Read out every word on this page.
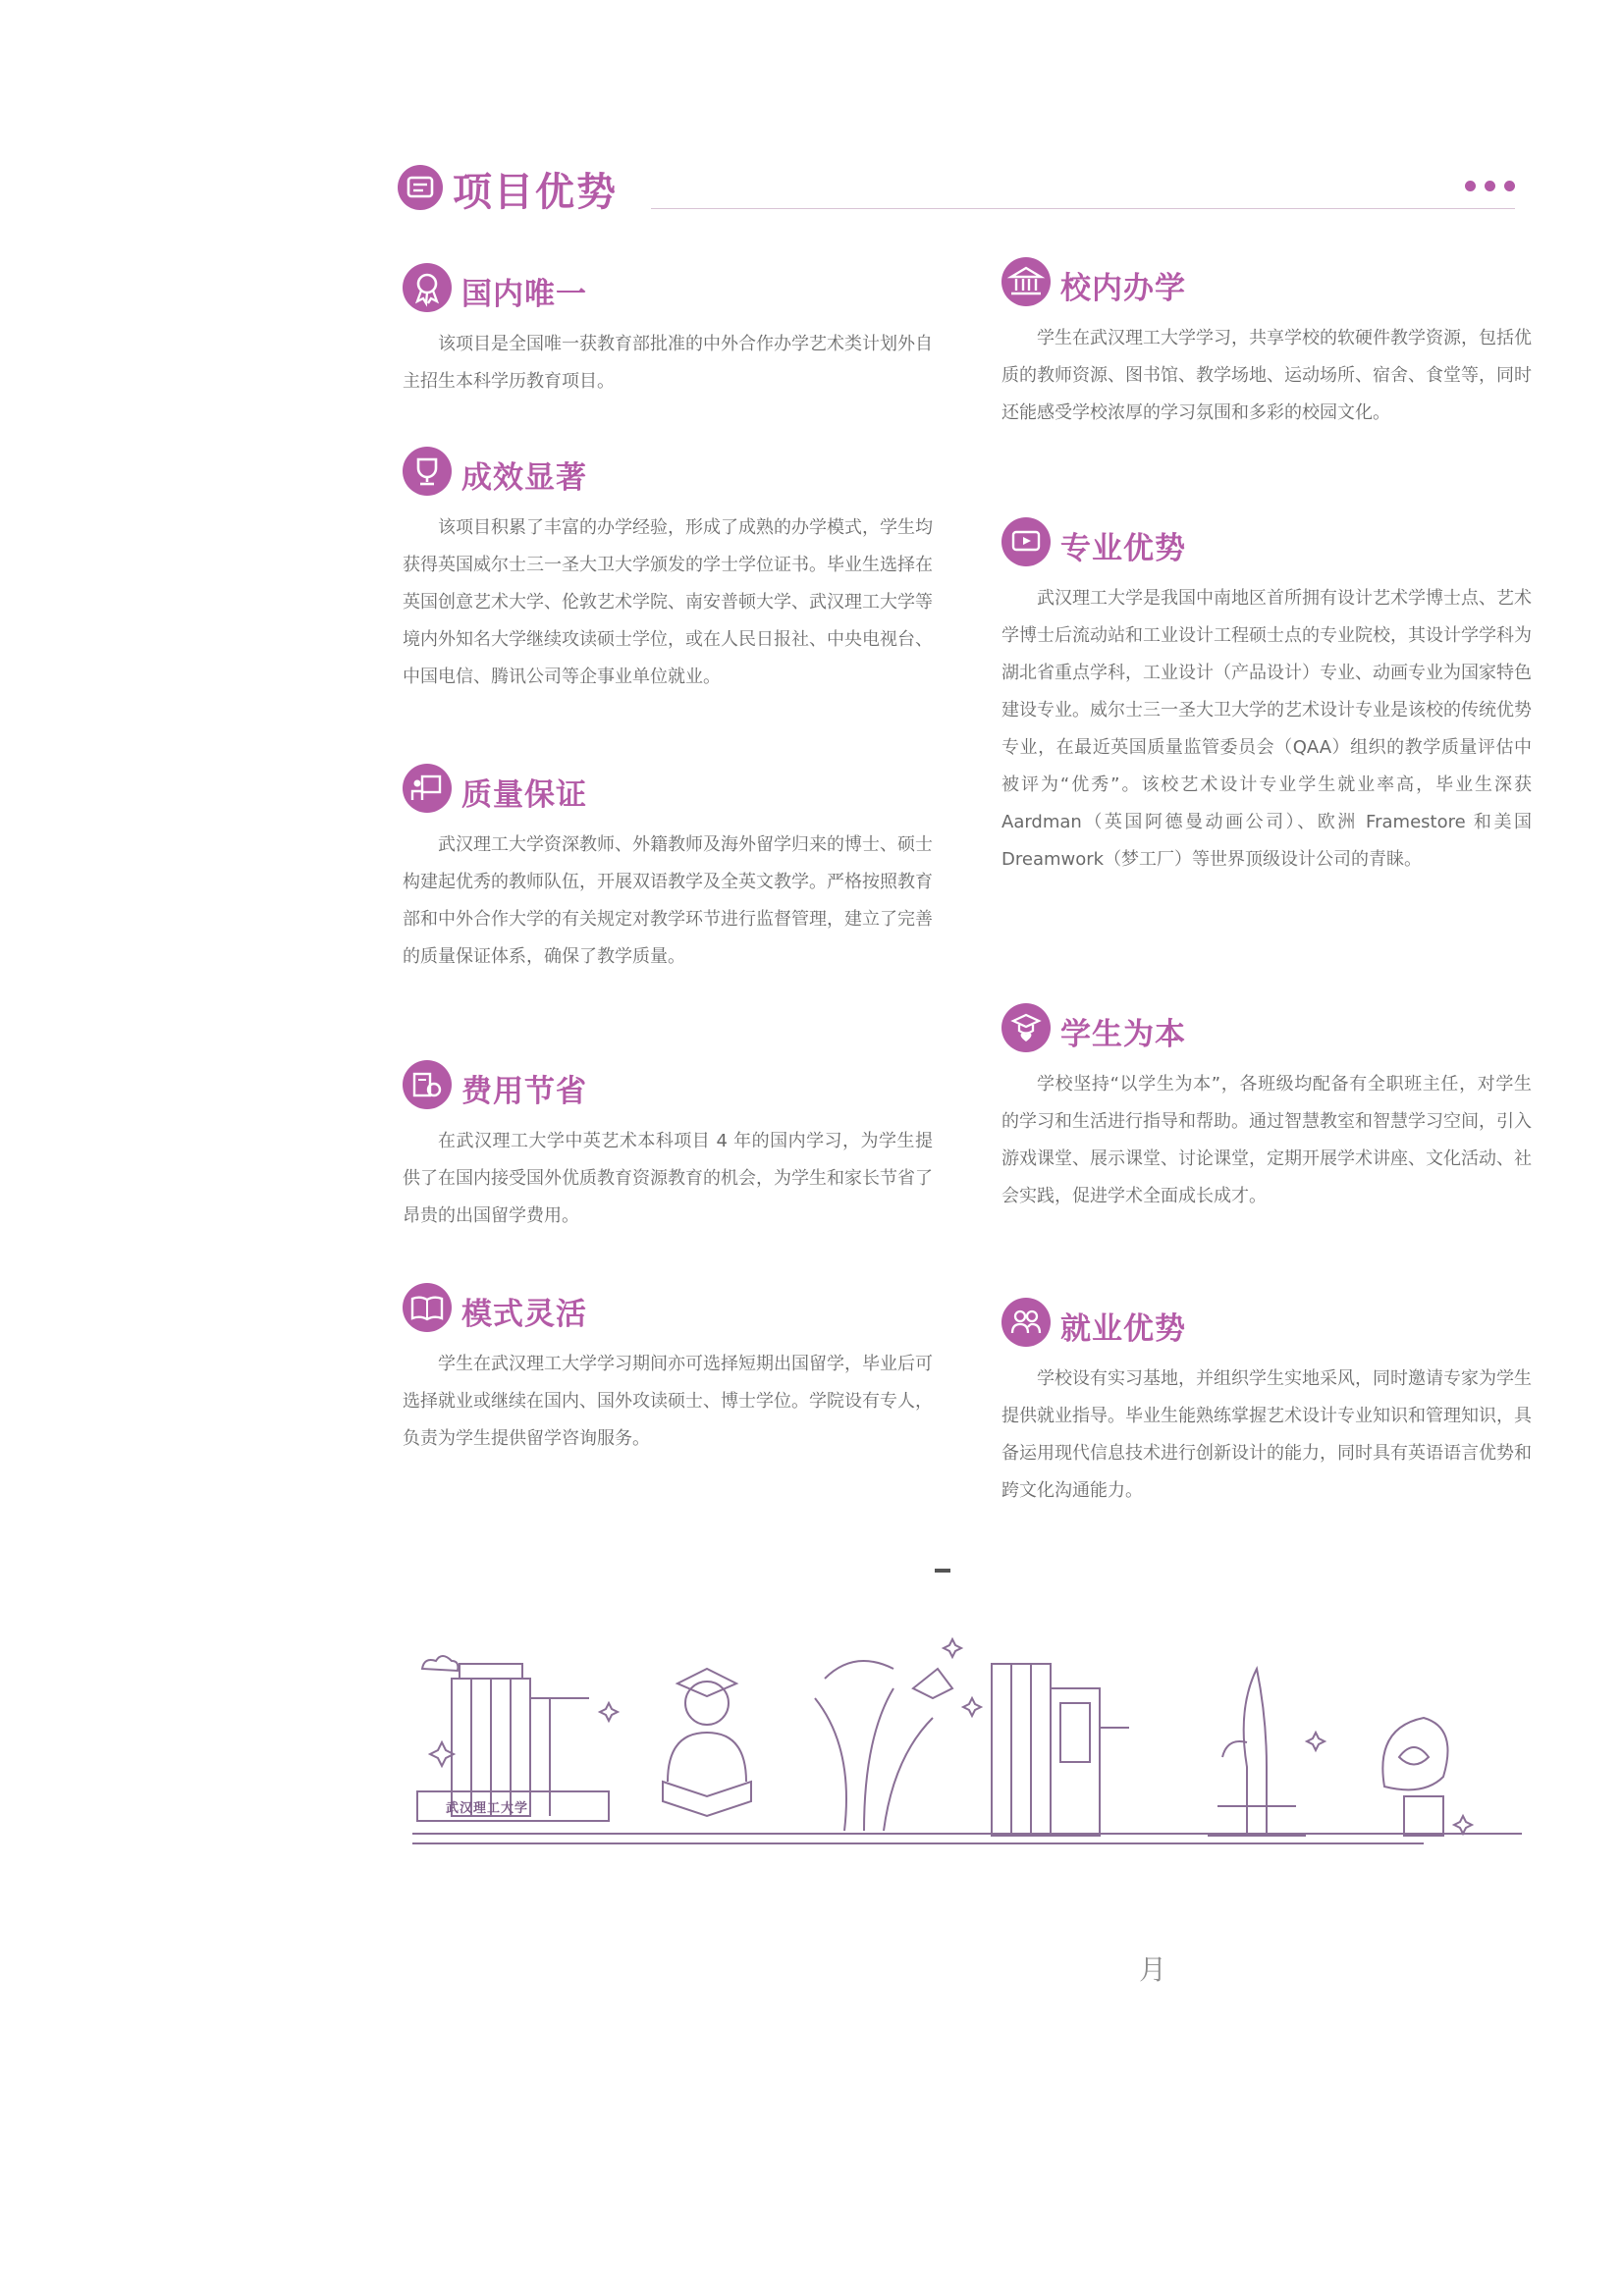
项目优势
国内唯一
该项目是全国唯一获教育部批准的中外合作办学艺术类计划外自主招生本科学历教育项目。
成效显著
该项目积累了丰富的办学经验，形成了成熟的办学模式，学生均获得英国威尔士三一圣大卫大学颁发的学士学位证书。毕业生选择在英国创意艺术大学、伦敦艺术学院、南安普顿大学、武汉理工大学等境内外知名大学继续攻读硕士学位，或在人民日报社、中央电视台、中国电信、腾讯公司等企事业单位就业。
质量保证
武汉理工大学资深教师、外籍教师及海外留学归来的博士、硕士构建起优秀的教师队伍，开展双语教学及全英文教学。严格按照教育部和中外合作大学的有关规定对教学环节进行监督管理，建立了完善的质量保证体系，确保了教学质量。
费用节省
在武汉理工大学中英艺术本科项目 4 年的国内学习，为学生提供了在国内接受国外优质教育资源教育的机会，为学生和家长节省了昂贵的出国留学费用。
模式灵活
学生在武汉理工大学学习期间亦可选择短期出国留学，毕业后可选择就业或继续在国内、国外攻读硕士、博士学位。学院设有专人，负责为学生提供留学咨询服务。
校内办学
学生在武汉理工大学学习，共享学校的软硬件教学资源，包括优质的教师资源、图书馆、教学场地、运动场所、宿舍、食堂等，同时还能感受学校浓厚的学习氛围和多彩的校园文化。
专业优势
武汉理工大学是我国中南地区首所拥有设计艺术学博士点、艺术学博士后流动站和工业设计工程硕士点的专业院校，其设计学学科为湖北省重点学科，工业设计（产品设计）专业、动画专业为国家特色建设专业。威尔士三一圣大卫大学的艺术设计专业是该校的传统优势专业，在最近英国质量监管委员会（QAA）组织的教学质量评估中被评为“优秀”。该校艺术设计专业学生就业率高，毕业生深获 Aardman（英国阿德曼动画公司）、欧洲 Framestore 和美国 Dreamwork（梦工厂）等世界顶级设计公司的青睐。
学生为本
学校坚持“以学生为本”，各班级均配备有全职班主任，对学生的学习和生活进行指导和帮助。通过智慧教室和智慧学习空间，引入游戏课堂、展示课堂、讨论课堂，定期开展学术讲座、文化活动、社会实践，促进学术全面成长成才。
就业优势
学校设有实习基地，并组织学生实地采风，同时邀请专家为学生提供就业指导。毕业生能熟练掌握艺术设计专业知识和管理知识，具备运用现代信息技术进行创新设计的能力，同时具有英语语言优势和跨文化沟通能力。
武汉理工大学
月
